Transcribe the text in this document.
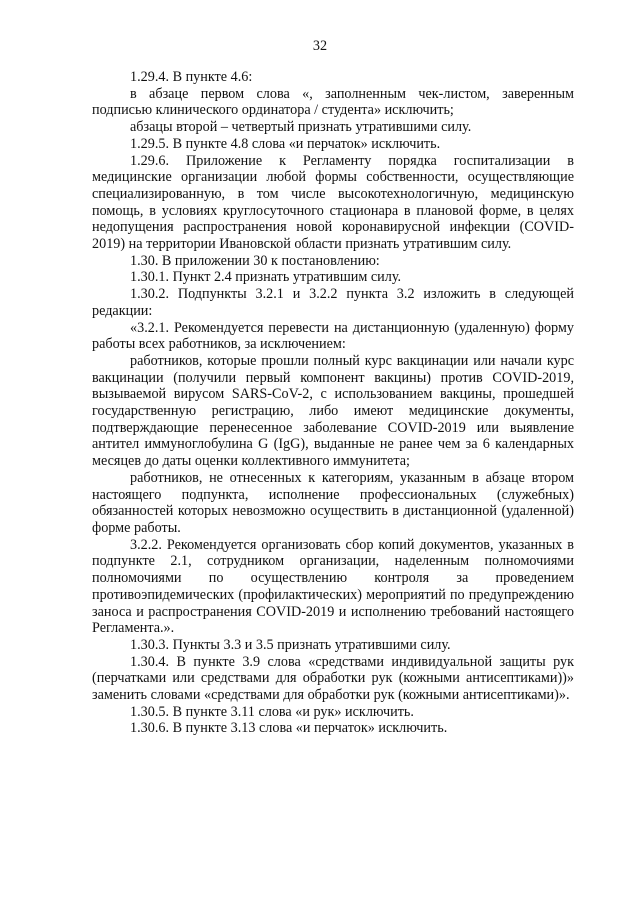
32

1.29.4. В пункте 4.6:

в абзаце первом слова «, заполненным чек-листом, заверенным подписью клинического ординатора / студента» исключить;

абзацы второй – четвертый признать утратившими силу.

1.29.5. В пункте 4.8 слова «и перчаток» исключить.

1.29.6. Приложение к Регламенту порядка госпитализации в медицинские организации любой формы собственности, осуществляющие специализированную, в том числе высокотехнологичную, медицинскую помощь, в условиях круглосуточного стационара в плановой форме, в целях недопущения распространения новой коронавирусной инфекции (COVID-2019) на территории Ивановской области признать утратившим силу.

1.30. В приложении 30 к постановлению:

1.30.1. Пункт 2.4 признать утратившим силу.

1.30.2. Подпункты 3.2.1 и 3.2.2 пункта 3.2 изложить в следующей редакции:

«3.2.1. Рекомендуется перевести на дистанционную (удаленную) форму работы всех работников, за исключением:

работников, которые прошли полный курс вакцинации или начали курс вакцинации (получили первый компонент вакцины) против COVID-2019, вызываемой вирусом SARS-CoV-2, с использованием вакцины, прошедшей государственную регистрацию, либо имеют медицинские документы, подтверждающие перенесенное заболевание COVID-2019 или выявление антител иммуноглобулина G (IgG), выданные не ранее чем за 6 календарных месяцев до даты оценки коллективного иммунитета;

работников, не отнесенных к категориям, указанным в абзаце втором настоящего подпункта, исполнение профессиональных (служебных) обязанностей которых невозможно осуществить в дистанционной (удаленной) форме работы.

3.2.2. Рекомендуется организовать сбор копий документов, указанных в подпункте 2.1, сотрудником организации, наделенным полномочиями полномочиями по осуществлению контроля за проведением противоэпидемических (профилактических) мероприятий по предупреждению заноса и распространения COVID-2019 и исполнению требований настоящего Регламента.».

1.30.3. Пункты 3.3 и 3.5 признать утратившими силу.

1.30.4. В пункте 3.9 слова «средствами индивидуальной защиты рук (перчатками или средствами для обработки рук (кожными антисептиками))» заменить словами «средствами для обработки рук (кожными антисептиками)».

1.30.5. В пункте 3.11 слова «и рук» исключить.

1.30.6. В пункте 3.13 слова «и перчаток» исключить.
